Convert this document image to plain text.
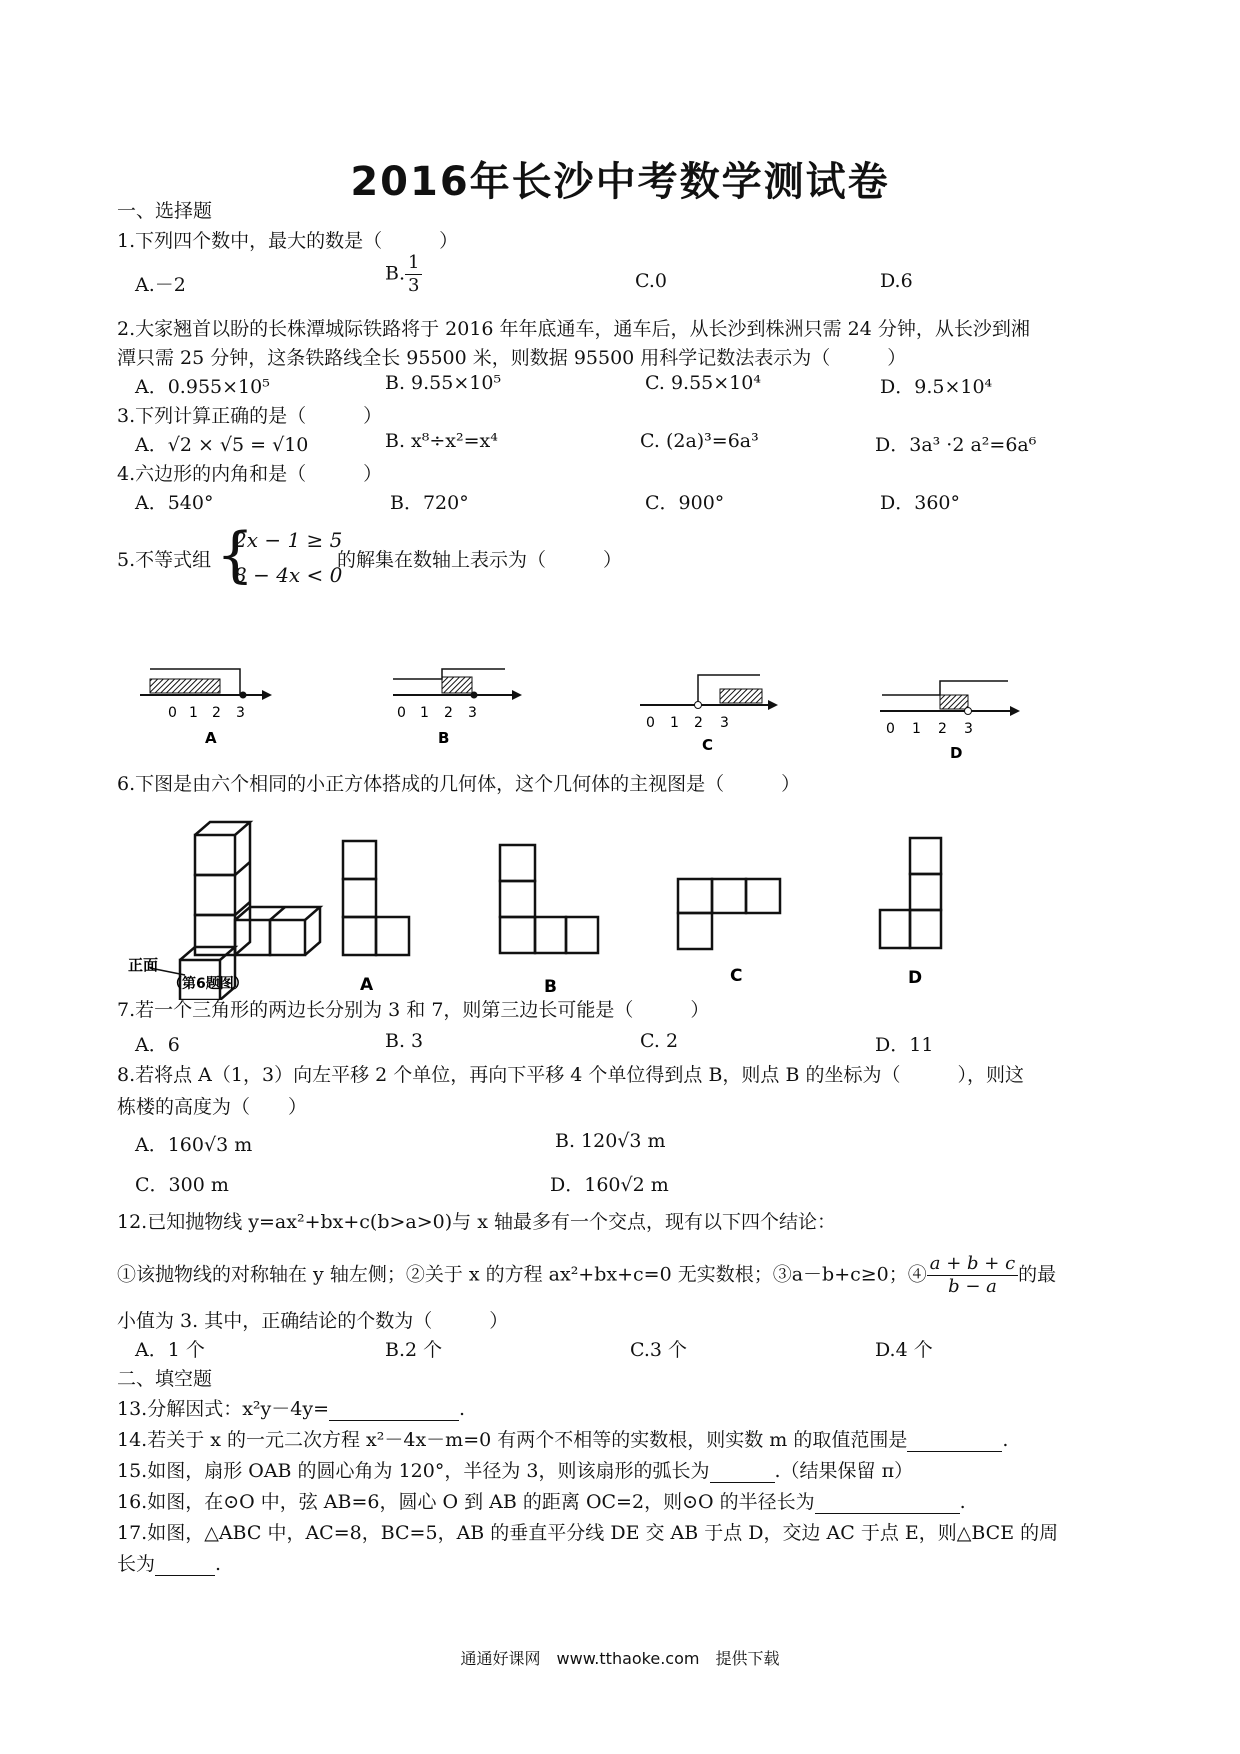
2016年长沙中考数学测试卷
一、选择题
1.下列四个数中，最大的数是（　　　）
A.－2
B. $\frac{1}{3}$	C.0	D.6
2.大家翘首以盼的长株潭城际铁路将于 2016 年年底通车，通车后，从长沙到株洲只需 24 分钟，从长沙到湘
潭只需 25 分钟，这条铁路线全长 95500 米，则数据 95500 用科学记数法表示为（　　　）
A．0.955×10⁵	B. 9.55×10⁵	C. 9.55×10⁴	D．9.5×10⁴
3.下列计算正确的是（　　　）
A．√2 × √5 = √10	B. x⁸÷x²=x⁴	C. (2a)³=6a³	D．3a³ ·2 a²=6a⁶
4.六边形的内角和是（　　　）
A．540°	B．720°	C．900°	D．360°
5.不等式组 {
2x − 1 ≥ 5
8 − 4x < 0
的解集在数轴上表示为（　　　）
0 1 2 3
A
0 1 2 3
B
0 1 2 3
C
0 1 2 3
D
6.下图是由六个相同的小正方体搭成的几何体，这个几何体的主视图是（　　　）
正面
（第6题图）	A	B
C	D
7.若一个三角形的两边长分别为 3 和 7，则第三边长可能是（　　　）
A．6	B. 3	C. 2	D．11
8.若将点 A（1，3）向左平移 2 个单位，再向下平移 4 个单位得到点 B，则点 B 的坐标为（　　　），则这
栋楼的高度为（　　）
A．160√3 m	B. 120√3 m
C．300 m	D．160√2 m
12.已知抛物线 y=ax²+bx+c(b>a>0)与 x 轴最多有一个交点，现有以下四个结论：
①该抛物线的对称轴在 y 轴左侧；②关于 x 的方程 ax²+bx+c=0 无实数根；③a－b+c≥0；④ $\frac{a + b + c}{b - a}$ 的最
小值为 3. 其中，正确结论的个数为（　　　）
A．1 个	B.2 个	C.3 个	D.4 个
二、填空题
13.分解因式：x²y－4y=	.
14.若关于 x 的一元二次方程 x²－4x－m=0 有两个不相等的实数根，则实数 m 的取值范围是	.
15.如图，扇形 OAB 的圆心角为 120°，半径为 3，则该扇形的弧长为	.（结果保留 π）
16.如图，在⊙O 中，弦 AB=6，圆心 O 到 AB 的距离 OC=2，则⊙O 的半径长为	.
17.如图，△ABC 中，AC=8，BC=5，AB 的垂直平分线 DE 交 AB 于点 D，交边 AC 于点 E，则△BCE 的周
长为	.
通通好课网　www.tthaoke.com　提供下载
